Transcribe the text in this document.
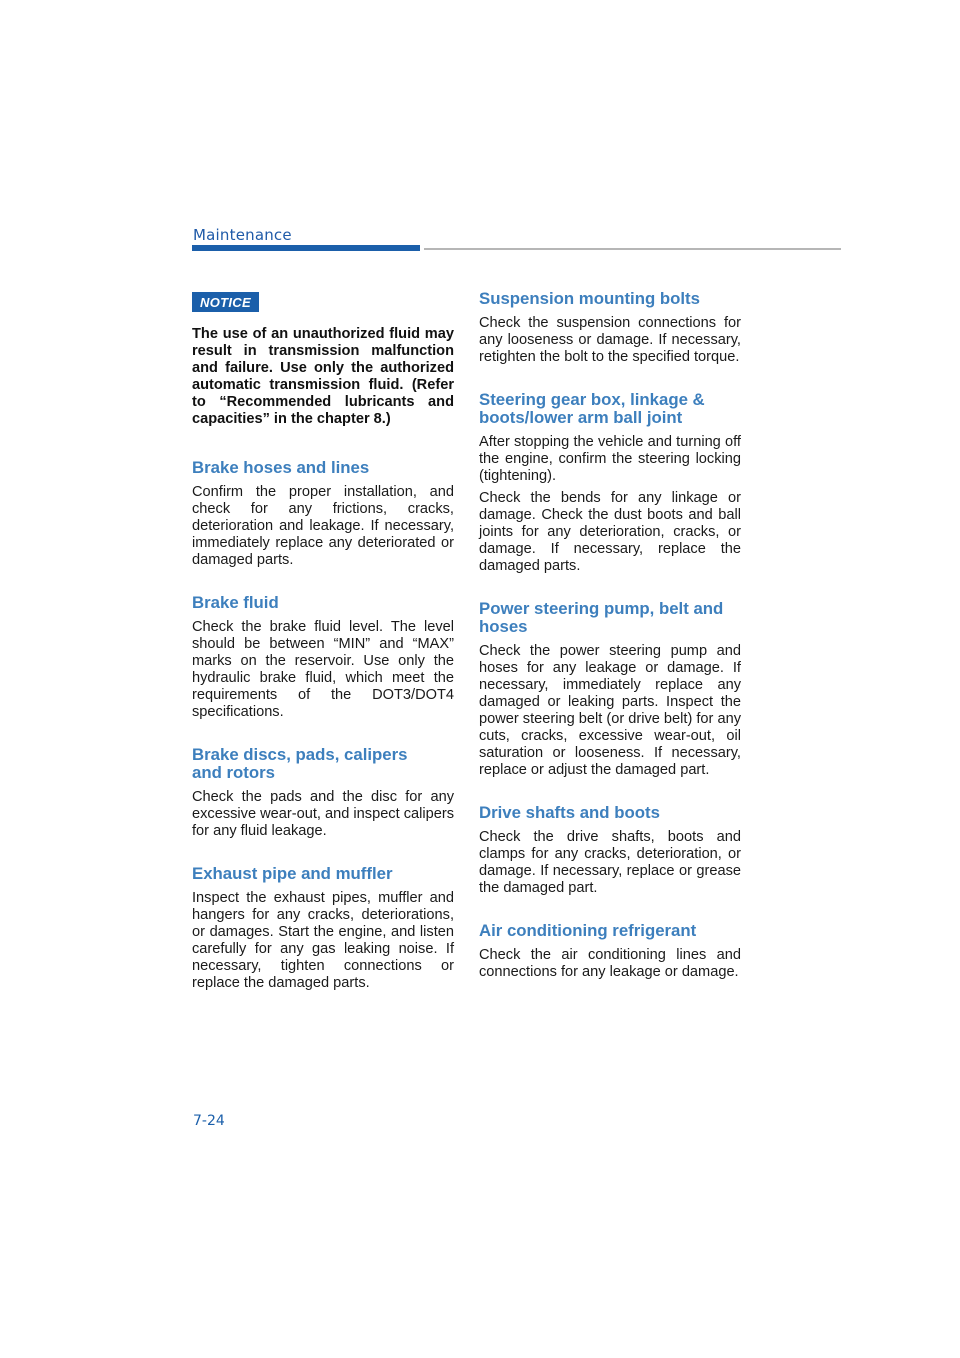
Maintenance
NOTICE

The use of an unauthorized fluid may result in transmission malfunction and failure. Use only the authorized automatic transmission fluid. (Refer to “Recommended lubricants and capacities” in the chapter 8.)

Brake hoses and lines

Confirm the proper installation, and check for any frictions, cracks, deterioration and leakage. If necessary, immediately replace any deteriorated or damaged parts.

Brake fluid

Check the brake fluid level. The level should be between “MIN” and “MAX” marks on the reservoir. Use only the hydraulic brake fluid, which meet the requirements of the DOT3/DOT4 specifications.

Brake discs, pads, calipers and rotors

Check the pads and the disc for any excessive wear-out, and inspect calipers for any fluid leakage.

Exhaust pipe and muffler

Inspect the exhaust pipes, muffler and hangers for any cracks, deteriorations, or damages. Start the engine, and listen carefully for any gas leaking noise. If necessary, tighten connections or replace the damaged parts.

Suspension mounting bolts

Check the suspension connections for any looseness or damage. If necessary, retighten the bolt to the specified torque.

Steering gear box, linkage & boots/lower arm ball joint

After stopping the vehicle and turning off the engine, confirm the steering locking (tightening).

Check the bends for any linkage or damage. Check the dust boots and ball joints for any deterioration, cracks, or damage. If necessary, replace the damaged parts.

Power steering pump, belt and hoses

Check the power steering pump and hoses for any leakage or damage. If necessary, immediately replace any damaged or leaking parts. Inspect the power steering belt (or drive belt) for any cuts, cracks, excessive wear-out, oil saturation or looseness. If necessary, replace or adjust the damaged part.

Drive shafts and boots

Check the drive shafts, boots and clamps for any cracks, deterioration, or damage. If necessary, replace or grease the damaged part.

Air conditioning refrigerant

Check the air conditioning lines and connections for any leakage or damage.

7-24
